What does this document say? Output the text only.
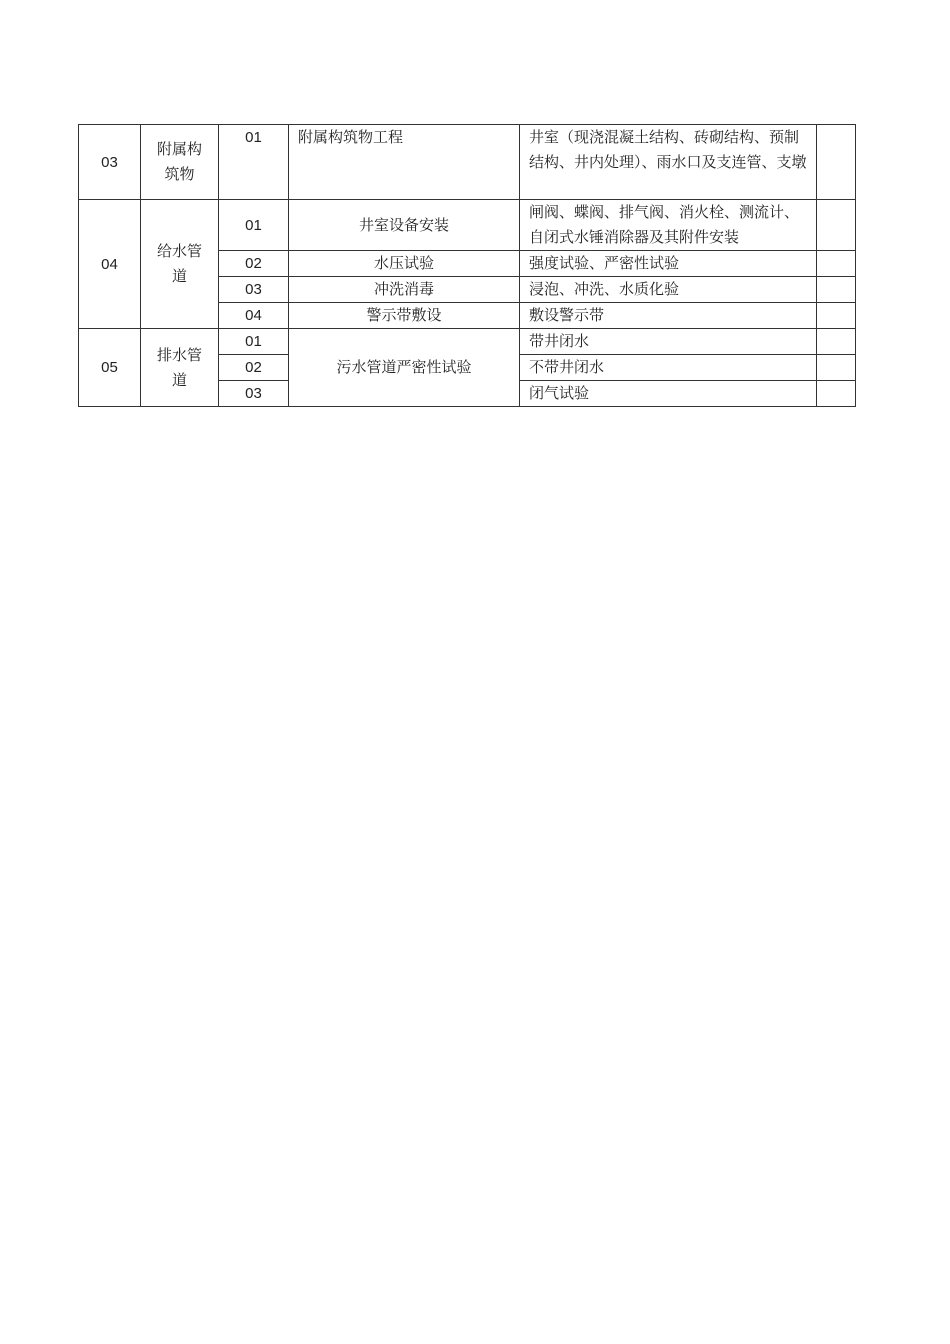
03	附属构筑物	01	附属构筑物工程	井室（现浇混凝土结构、砖砌结构、预制结构、井内处理）、雨水口及支连管、支墩	
04	给水管道	01	井室设备安装	闸阀、蝶阀、排气阀、消火栓、测流计、自闭式水锤消除器及其附件安装	
		02	水压试验	强度试验、严密性试验	
		03	冲洗消毒	浸泡、冲洗、水质化验	
		04	警示带敷设	敷设警示带	
05	排水管道	01	污水管道严密性试验	带井闭水	
		02		不带井闭水	
		03		闭气试验	
